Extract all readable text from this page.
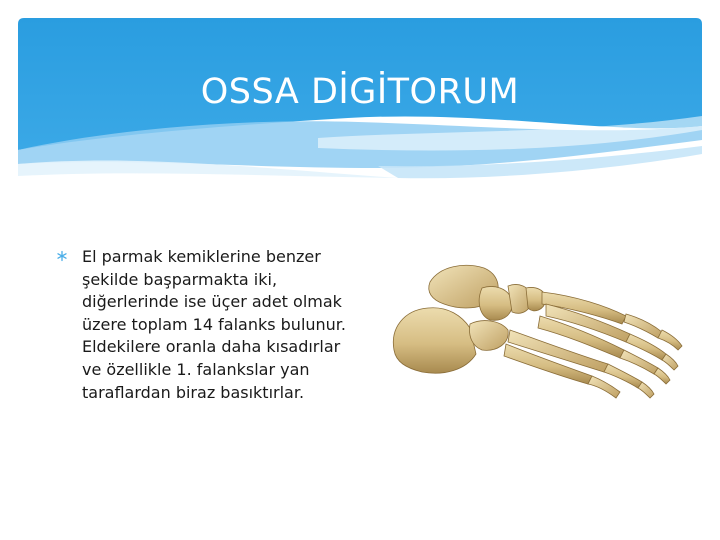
OSSA DİGİTORUM
El parmak kemiklerine benzer şekilde başparmakta iki, diğerlerinde ise üçer adet olmak üzere toplam 14 falanks bulunur. Eldekilere oranla daha kısadırlar ve özellikle 1. falankslar yan taraflardan biraz basıktırlar.
